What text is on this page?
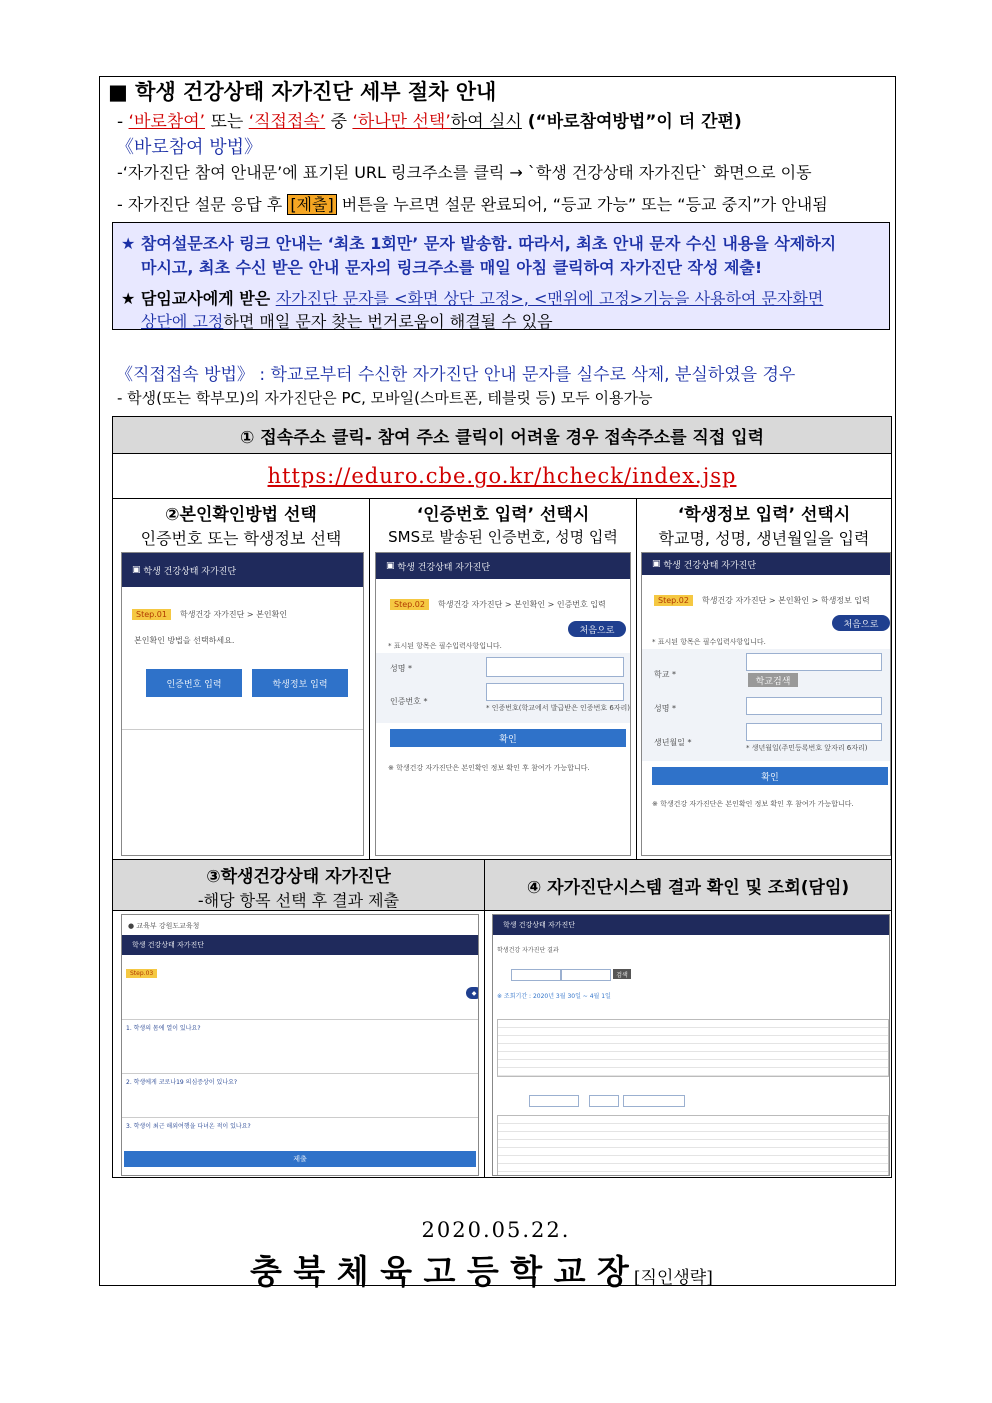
■ 학생 건강상태 자가진단 세부 절차 안내
- ‘바로참여’ 또는 ‘직접접속’ 중 ‘하나만 선택’하여 실시 (“바로참여방법”이 더 간편)
《바로참여 방법》
-‘자가진단 참여 안내문’에 표기된 URL 링크주소를 클릭 → `학생 건강상태 자가진단` 화면으로 이동
- 자가진단 설문 응답 후 [제출] 버튼을 누르면 설문 완료되어, “등교 가능” 또는 “등교 중지”가 안내됨
★ 참여설문조사 링크 안내는 ‘최초 1회만’ 문자 발송함. 따라서, 최초 안내 문자 수신 내용을 삭제하지
마시고, 최초 수신 받은 안내 문자의 링크주소를 매일 아침 클릭하여 자가진단 작성 제출!
★ 담임교사에게 받은 자가진단 문자를 <화면 상단 고정>, <맨위에 고정>기능을 사용하여 문자화면
상단에 고정하면 매일 문자 찾는 번거로움이 해결될 수 있음
《직접접속 방법》 : 학교로부터 수신한 자가진단 안내 문자를 실수로 삭제, 분실하였을 경우
- 학생(또는 학부모)의 자가진단은 PC, 모바일(스마트폰, 테블릿 등) 모두 이용가능
① 접속주소 클릭- 참여 주소 클릭이 어려울 경우 접속주소를 직접 입력
https://eduro.cbe.go.kr/hcheck/index.jsp
②본인확인방법 선택
인증번호 또는 학생정보 선택
‘인증번호 입력’ 선택시
SMS로 발송된 인증번호, 성명 입력
‘학생정보 입력’ 선택시
학교명, 성명, 생년월일을 입력
③학생건강상태 자가진단
-해당 항목 선택 후 결과 제출
④ 자가진단시스템 결과 확인 및 조회(담임)
▣ 학생 건강상태 자가진단
Step.01	학생건강 자가진단 > 본인확인
본인확인 방법을 선택하세요.
인증번호 입력	학생정보 입력
▣ 학생 건강상태 자가진단
Step.02	학생건강 자가진단 > 본인확인 > 인증번호 입력
처음으로
* 표시된 항목은 필수입력사항입니다.
성명 *
인증번호 *
* 인증번호(학교에서 발급받은 인증번호 6자리)
확인
※ 학생건강 자가진단은 본인확인 정보 확인 후 참여가 가능합니다.
▣ 학생 건강상태 자가진단
Step.02	학생건강 자가진단 > 본인확인 > 학생정보 입력
처음으로
* 표시된 항목은 필수입력사항입니다.
학교 *
학교검색
성명 *
생년월일 *
* 생년월일(주민등록번호 앞자리 6자리)
확인
※ 학생건강 자가진단은 본인확인 정보 확인 후 참여가 가능합니다.
● 교육부 강원도교육청
학생 건강상태 자가진단
Step.03
◆
1. 학생의 몸에 열이 있나요?
2. 학생에게 코로나19 의심증상이 있나요?
3. 학생이 최근 해외여행을 다녀온 적이 있나요?
제출
학생 건강상태 자가진단
학생건강 자가진단 결과
검색
※ 조회기간 : 2020년 3월 30일 ~ 4월 1일
2020.05.22.
충 북 체 육 고 등 학 교 장 [직인생략]
